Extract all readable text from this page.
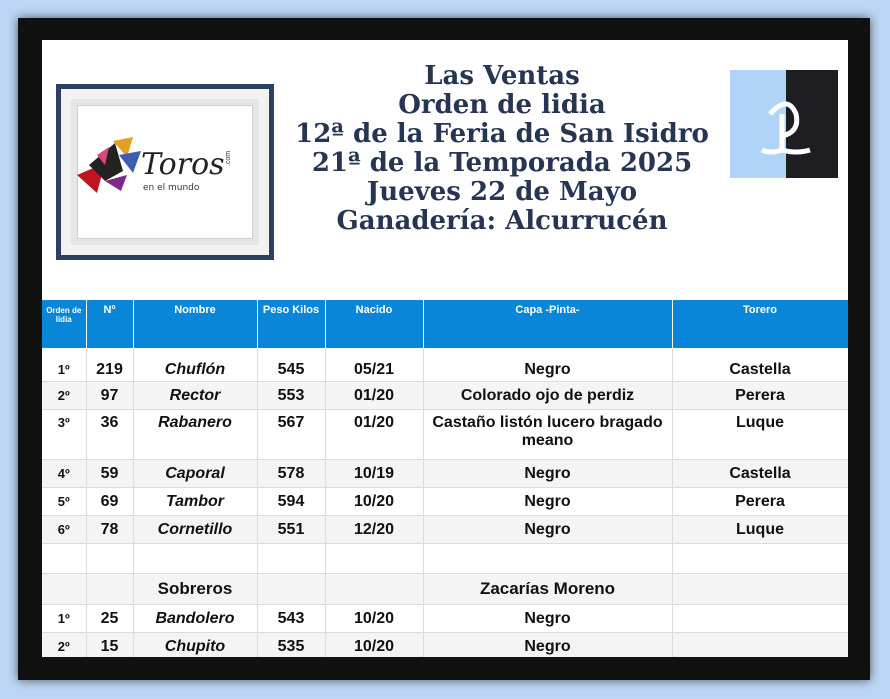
Toros
en el mundo
.com
Las Ventas
Orden de lidia
12ª de la Feria de San Isidro
21ª de la Temporada 2025
Jueves 22 de Mayo
Ganadería: Alcurrucén
Orden de lidia	Nº	Nombre	Peso Kilos	Nacido	Capa -Pinta-	Torero
1º	219	Chuflón	545	05/21	Negro	Castella
2º	97	Rector	553	01/20	Colorado ojo de perdiz	Perera
3º	36	Rabanero	567	01/20	Castaño listón lucero bragado meano	Luque
4º	59	Caporal	578	10/19	Negro	Castella
5º	69	Tambor	594	10/20	Negro	Perera
6º	78	Cornetillo	551	12/20	Negro	Luque

		Sobreros			Zacarías Moreno	
1º	25	Bandolero	543	10/20	Negro	
2º	15	Chupito	535	10/20	Negro	
